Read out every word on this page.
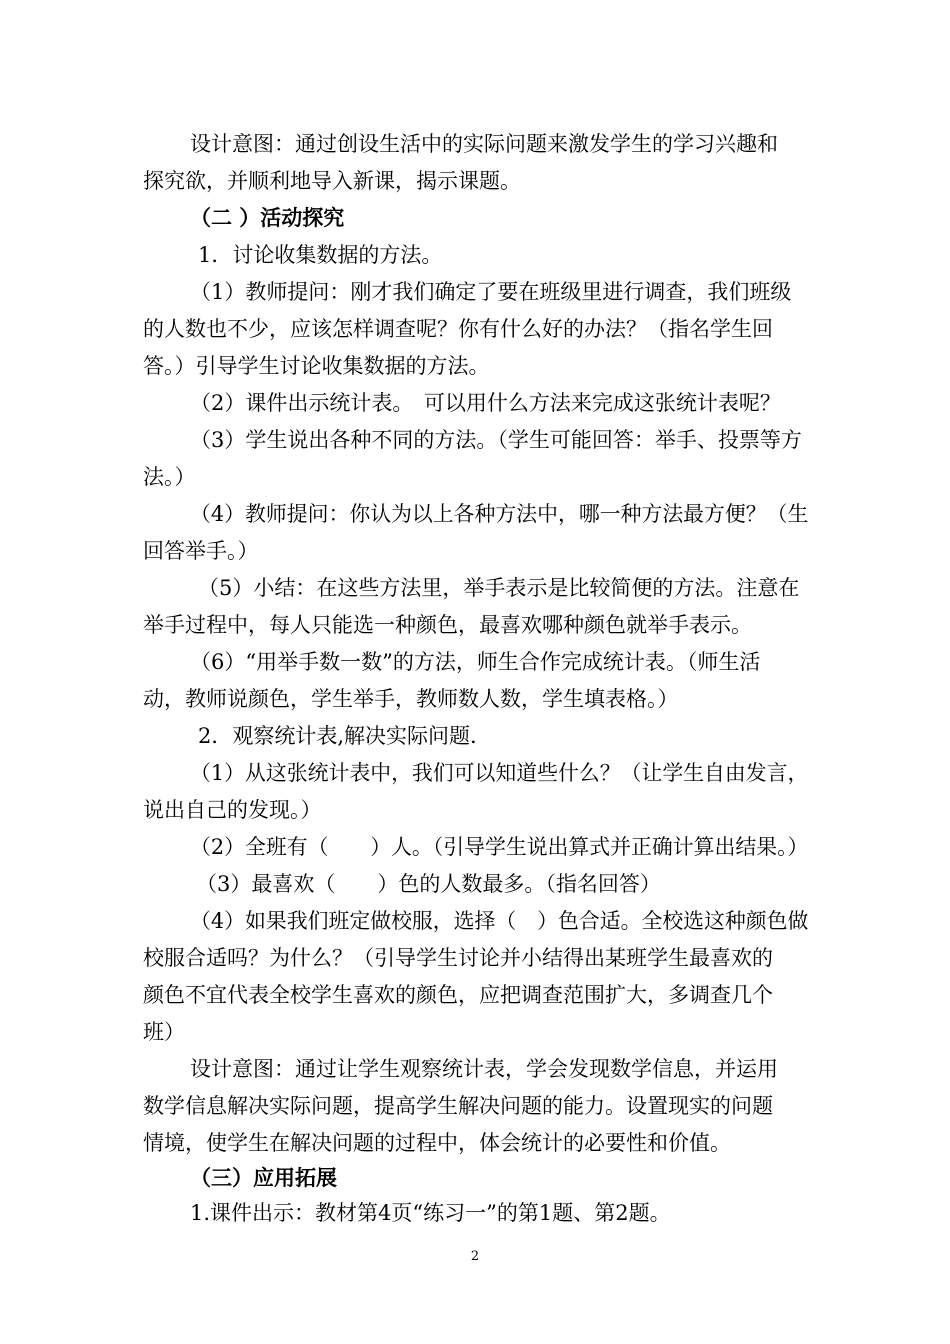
设计意图：通过创设生活中的实际问题来激发学生的学习兴趣和
探究欲，并顺利地导入新课，揭示课题。
（二 ）活动探究
1．讨论收集数据的方法。
（1）教师提问：刚才我们确定了要在班级里进行调查，我们班级
的人数也不少，应该怎样调查呢？你有什么好的办法？（指名学生回
答。）引导学生讨论收集数据的方法。
（2）课件出示统计表。　可以用什么方法来完成这张统计表呢？
（3）学生说出各种不同的方法。（学生可能回答：举手、投票等方
法。）
（4）教师提问：你认为以上各种方法中，哪一种方法最方便？（生
回答举手。）
（5）小结：在这些方法里，举手表示是比较简便的方法。注意在
举手过程中，每人只能选一种颜色，最喜欢哪种颜色就举手表示。
（6）“用举手数一数”的方法，师生合作完成统计表。（师生活
动，教师说颜色，学生举手，教师数人数，学生填表格。）
2．观察统计表,解决实际问题.
（1）从这张统计表中，我们可以知道些什么？（让学生自由发言，
说出自己的发现。）
（2）全班有（　　）人。（引导学生说出算式并正确计算出结果。）
（3）最喜欢（　　）色的人数最多。（指名回答）
（4）如果我们班定做校服，选择（　）色合适。全校选这种颜色做
校服合适吗？为什么？（引导学生讨论并小结得出某班学生最喜欢的
颜色不宜代表全校学生喜欢的颜色，应把调查范围扩大，多调查几个
班）
设计意图：通过让学生观察统计表，学会发现数学信息，并运用
数学信息解决实际问题，提高学生解决问题的能力。设置现实的问题
情境，使学生在解决问题的过程中，体会统计的必要性和价值。
（三）应用拓展
1.课件出示：教材第4页“练习一”的第1题、第2题。
2
